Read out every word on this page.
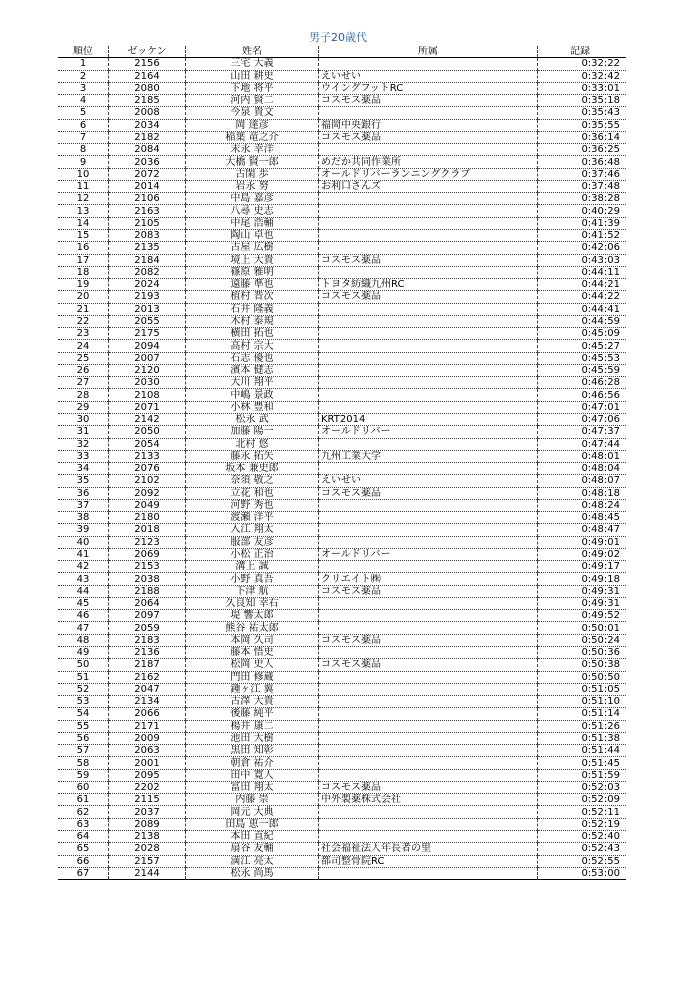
男子20歳代
順位	ゼッケン	姓名	所属	記録
1	2156	三宅 大義		0:32:22
2	2164	山田 耕史	えいせい	0:32:42
3	2080	下地 将平	ウイングフットRC	0:33:01
4	2185	河内 賢二	コスモス薬品	0:35:18
5	2008	今泉 貴文		0:35:43
6	2034	岡 達彦	福岡中央銀行	0:35:55
7	2182	稲葉 竜之介	コスモス薬品	0:36:14
8	2084	末永 幸洋		0:36:25
9	2036	大橋 賢一郎	めだか共同作業所	0:36:48
10	2072	古閑 歩	オールドリバーランニングクラブ	0:37:46
11	2014	岩永 努	お利口さんズ	0:37:48
12	2106	中島 嘉彦		0:38:28
13	2163	八尋 史志		0:40:29
14	2105	中尾 浩輔		0:41:39
15	2083	陶山 卓也		0:41:52
16	2135	古屋 広樹		0:42:06
17	2184	境上 大貴	コスモス薬品	0:43:03
18	2082	篠原 雅明		0:44:11
19	2024	遠藤 準也	トヨタ紡織九州RC	0:44:21
20	2193	植村 晋次	コスモス薬品	0:44:22
21	2013	石井 隆義		0:44:41
22	2055	木村 泰規		0:44:59
23	2175	横田 拓也		0:45:09
24	2094	高村 宗大		0:45:27
25	2007	石志 優也		0:45:53
26	2120	濱本 健志		0:45:59
27	2030	大川 翔平		0:46:28
28	2108	中嶋 景政		0:46:56
29	2071	小林 豊和		0:47:01
30	2142	松永 武	KRT2014	0:47:06
31	2050	加藤 陽一	オールドリバー	0:47:37
32	2054	北村 悠		0:47:44
33	2133	藤永 拓矢	九州工業大学	0:48:01
34	2076	坂本 兼史郎		0:48:04
35	2102	奈須 敬之	えいせい	0:48:07
36	2092	立花 和也	コスモス薬品	0:48:18
37	2049	河野 秀也		0:48:24
38	2180	渡瀬 洋平		0:48:45
39	2018	入江 翔太		0:48:47
40	2123	服部 友彦		0:49:01
41	2069	小松 正治	オールドリバー	0:49:02
42	2153	溝上 誠		0:49:17
43	2038	小野 真吾	クリエイト㈱	0:49:18
44	2188	下津 航	コスモス薬品	0:49:31
45	2064	久良知 幸右		0:49:31
46	2097	堤 響太郎		0:49:52
47	2059	熊谷 祐太郎		0:50:01
48	2183	本岡 久司	コスモス薬品	0:50:24
49	2136	藤本 悟史		0:50:36
50	2187	松岡 史人	コスモス薬品	0:50:38
51	2162	門田 修蔵		0:50:50
52	2047	鍾ヶ江 翼		0:51:05
53	2134	古澤 大貴		0:51:10
54	2066	後藤 純平		0:51:14
55	2171	楊井 康二		0:51:26
56	2009	池田 大樹		0:51:38
57	2063	黒田 知彰		0:51:44
58	2001	朝倉 祐介		0:51:45
59	2095	田中 寛人		0:51:59
60	2202	冨田 翔太	コスモス薬品	0:52:03
61	2115	内藤 崇	中外製薬株式会社	0:52:09
62	2037	岡元 大典		0:52:11
63	2089	田島 恵一郎		0:52:19
64	2138	本田 直紀		0:52:40
65	2028	扇谷 友輔	社会福祉法人年長者の里	0:52:43
66	2157	満江 亮太	都司整骨院RC	0:52:55
67	2144	松永 尚馬		0:53:00
